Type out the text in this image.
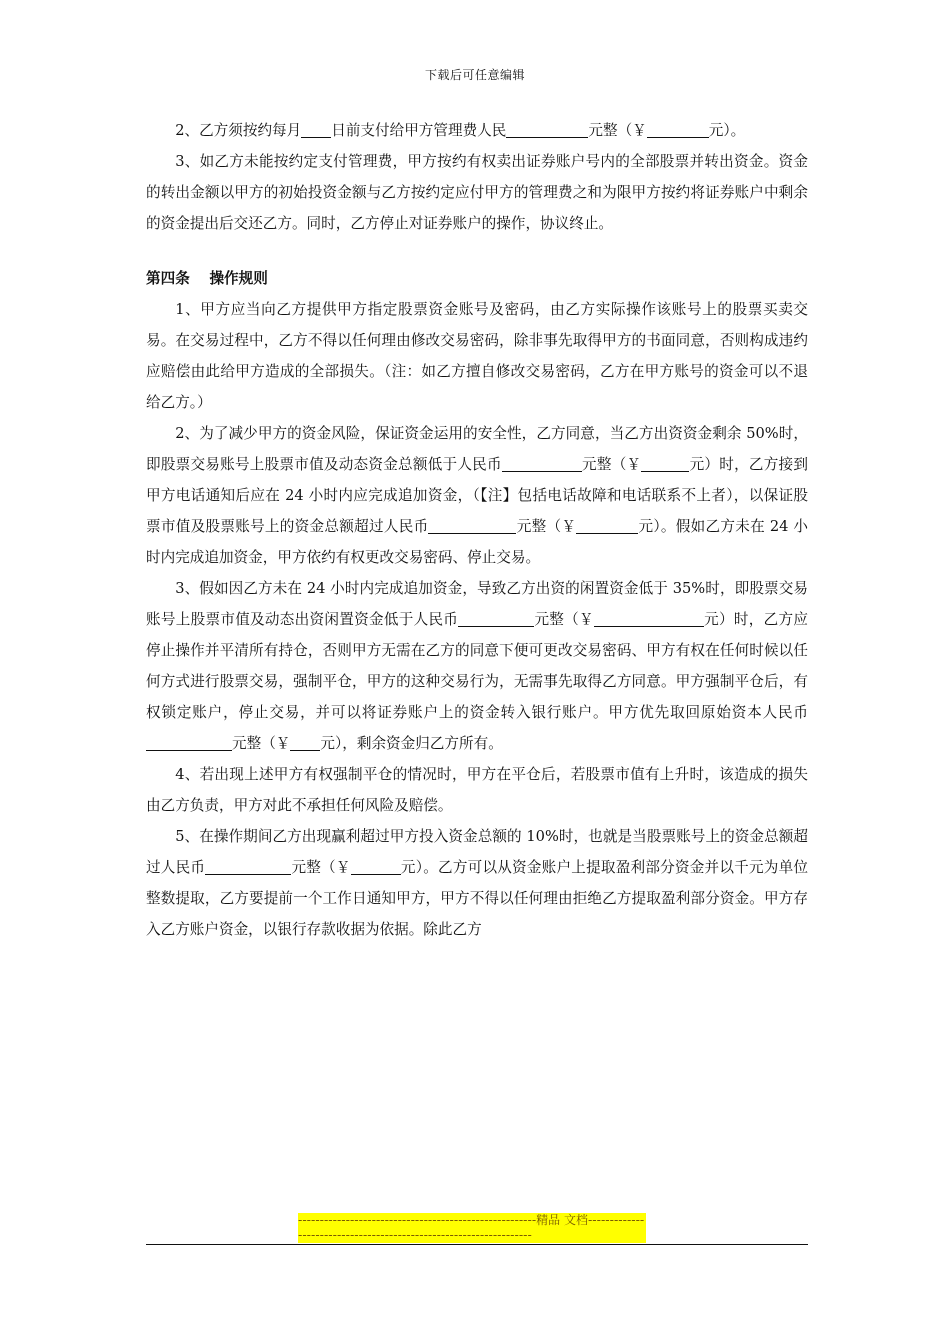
下载后可任意编辑

2、乙方须按约每月 日前支付给甲方管理费人民	元整（￥	元）。

3、如乙方未能按约定支付管理费，甲方按约有权卖出证券账户号内的全部股票并转出资金。资金的转出金额以甲方的初始投资金额与乙方按约定应付甲方的管理费之和为限甲方按约将证券账户中剩余的资金提出后交还乙方。同时，乙方停止对证券账户的操作，协议终止。

第四条　 操作规则

1、甲方应当向乙方提供甲方指定股票资金账号及密码，由乙方实际操作该账号上的股票买卖交易。在交易过程中，乙方不得以任何理由修改交易密码，除非事先取得甲方的书面同意，否则构成违约应赔偿由此给甲方造成的全部损失。（注：如乙方擅自修改交易密码，乙方在甲方账号的资金可以不退给乙方。）

2、为了减少甲方的资金风险，保证资金运用的安全性，乙方同意，当乙方出资资金剩余 50%时，即股票交易账号上股票市值及动态资金总额低于人民币	元整（￥	元）时，乙方接到甲方电话通知后应在 24 小时内应完成追加资金，（【注】包括电话故障和电话联系不上者），以保证股票市值及股票账号上的资金总额超过人民币	元整（￥	元）。假如乙方未在 24 小时内完成追加资金，甲方依约有权更改交易密码、停止交易。

3、假如因乙方未在 24 小时内完成追加资金，导致乙方出资的闲置资金低于 35%时，即股票交易账号上股票市值及动态出资闲置资金低于人民币	元整（￥	元）时，乙方应停止操作并平清所有持仓，否则甲方无需在乙方的同意下便可更改交易密码、甲方有权在任何时候以任何方式进行股票交易，强制平仓，甲方的这种交易行为，无需事先取得乙方同意。甲方强制平仓后，有权锁定账户，停止交易，并可以将证券账户上的资金转入银行账户。甲方优先取回原始资本人民币元整（￥ 元），剩余资金归乙方所有。

4、若出现上述甲方有权强制平仓的情况时，甲方在平仓后，若股票市值有上升时，该造成的损失由乙方负责，甲方对此不承担任何风险及赔偿。

5、在操作期间乙方出现赢利超过甲方投入资金总额的 10%时，也就是当股票账号上的资金总额超过人民币	元整（￥	元）。乙方可以从资金账户上提取盈利部分资金并以千元为单位整数提取，乙方要提前一个工作日通知甲方，甲方不得以任何理由拒绝乙方提取盈利部分资金。甲方存入乙方账户资金，以银行存款收据为依据。除此乙方

-------------------------------------------------------精品 文档-------------------------------------------------------------------
